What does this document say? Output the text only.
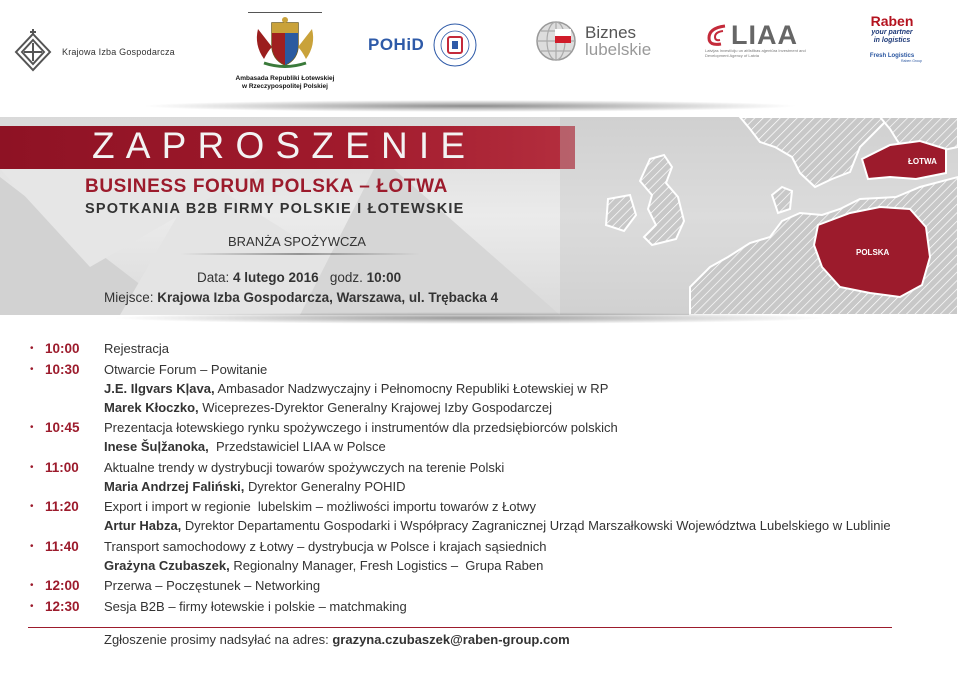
Krajowa Izba Gospodarcza
Ambasada Republiki Łotewskiej
w Rzeczypospolitej Polskiej
POHiD
Biznes
lubelskie	LIAA
Latvijas Investīciju un attīstības aģentūra Investment and Development Agency of Latvia
Raben
your partner
in logistics
Fresh Logistics
Raben Group
ŁOTWA
POLSKA
ZAPROSZENIE
BUSINESS FORUM POLSKA – ŁOTWA
SPOTKANIA B2B FIRMY POLSKIE I ŁOTEWSKIE
BRANŻA SPOŻYWCZA
Data: 4 lutego 2016 godz. 10:00
Miejsce: Krajowa Izba Gospodarcza, Warszawa, ul. Trębacka 4
• 10:00	Rejestracja
• 10:30	Otwarcie Forum – Powitanie
J.E. Ilgvars Kļava, Ambasador Nadzwyczajny i Pełnomocny Republiki Łotewskiej w RP
Marek Kłoczko, Wiceprezes-Dyrektor Generalny Krajowej Izby Gospodarczej
• 10:45	Prezentacja łotewskiego rynku spożywczego i instrumentów dla przedsiębiorców polskich
Inese Šuļžanoka,  Przedstawiciel LIAA w Polsce
• 11:00	Aktualne trendy w dystrybucji towarów spożywczych na terenie Polski
Maria Andrzej Faliński, Dyrektor Generalny POHID
• 11:20	Export i import w regionie  lubelskim – możliwości importu towarów z Łotwy
Artur Habza, Dyrektor Departamentu Gospodarki i Współpracy Zagranicznej Urząd Marszałkowski Województwa Lubelskiego w Lublinie
• 11:40	Transport samochodowy z Łotwy – dystrybucja w Polsce i krajach sąsiednich
Grażyna Czubaszek, Regionalny Manager, Fresh Logistics –  Grupa Raben
• 12:00	Przerwa – Poczęstunek – Networking
• 12:30	Sesja B2B – firmy łotewskie i polskie – matchmaking
Zgłoszenie prosimy nadsyłać na adres: grazyna.czubaszek@raben-group.com
